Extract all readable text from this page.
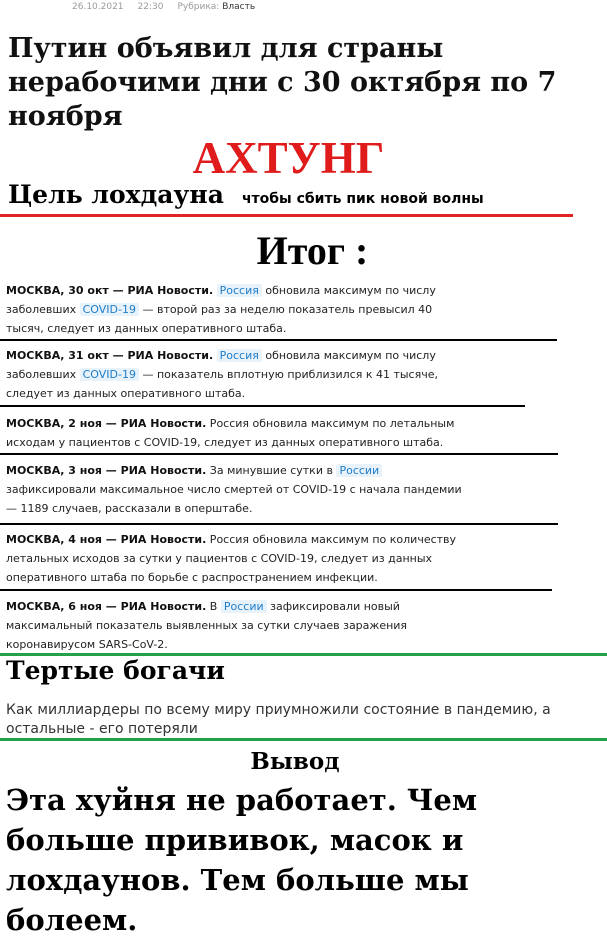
26.10.2021 22:30 Рубрика: Власть
Путин объявил для страны нерабочими дни с 30 октября по 7 ноября
АХТУНГ
Цель лохдауна чтобы сбить пик новой волны
Итог :
МОСКВА, 30 окт — РИА Новости. Россия обновила максимум по числу заболевших COVID-19 — второй раз за неделю показатель превысил 40 тысяч, следует из данных оперативного штаба.
МОСКВА, 31 окт — РИА Новости. Россия обновила максимум по числу заболевших COVID-19 — показатель вплотную приблизился к 41 тысяче, следует из данных оперативного штаба.
МОСКВА, 2 ноя — РИА Новости. Россия обновила максимум по летальным исходам у пациентов с COVID-19, следует из данных оперативного штаба.
МОСКВА, 3 ноя — РИА Новости. За минувшие сутки в России зафиксировали максимальное число смертей от COVID-19 с начала пандемии — 1189 случаев, рассказали в оперштабе.
МОСКВА, 4 ноя — РИА Новости. Россия обновила максимум по количеству летальных исходов за сутки у пациентов с COVID-19, следует из данных оперативного штаба по борьбе с распространением инфекции.
МОСКВА, 6 ноя — РИА Новости. В России зафиксировали новый максимальный показатель выявленных за сутки случаев заражения коронавирусом SARS-CoV-2.
Тертые богачи
Как миллиардеры по всему миру приумножили состояние в пандемию, а остальные - его потеряли
Вывод
Эта хуйня не работает. Чем больше прививок, масок и лохдаунов. Тем больше мы болеем.
